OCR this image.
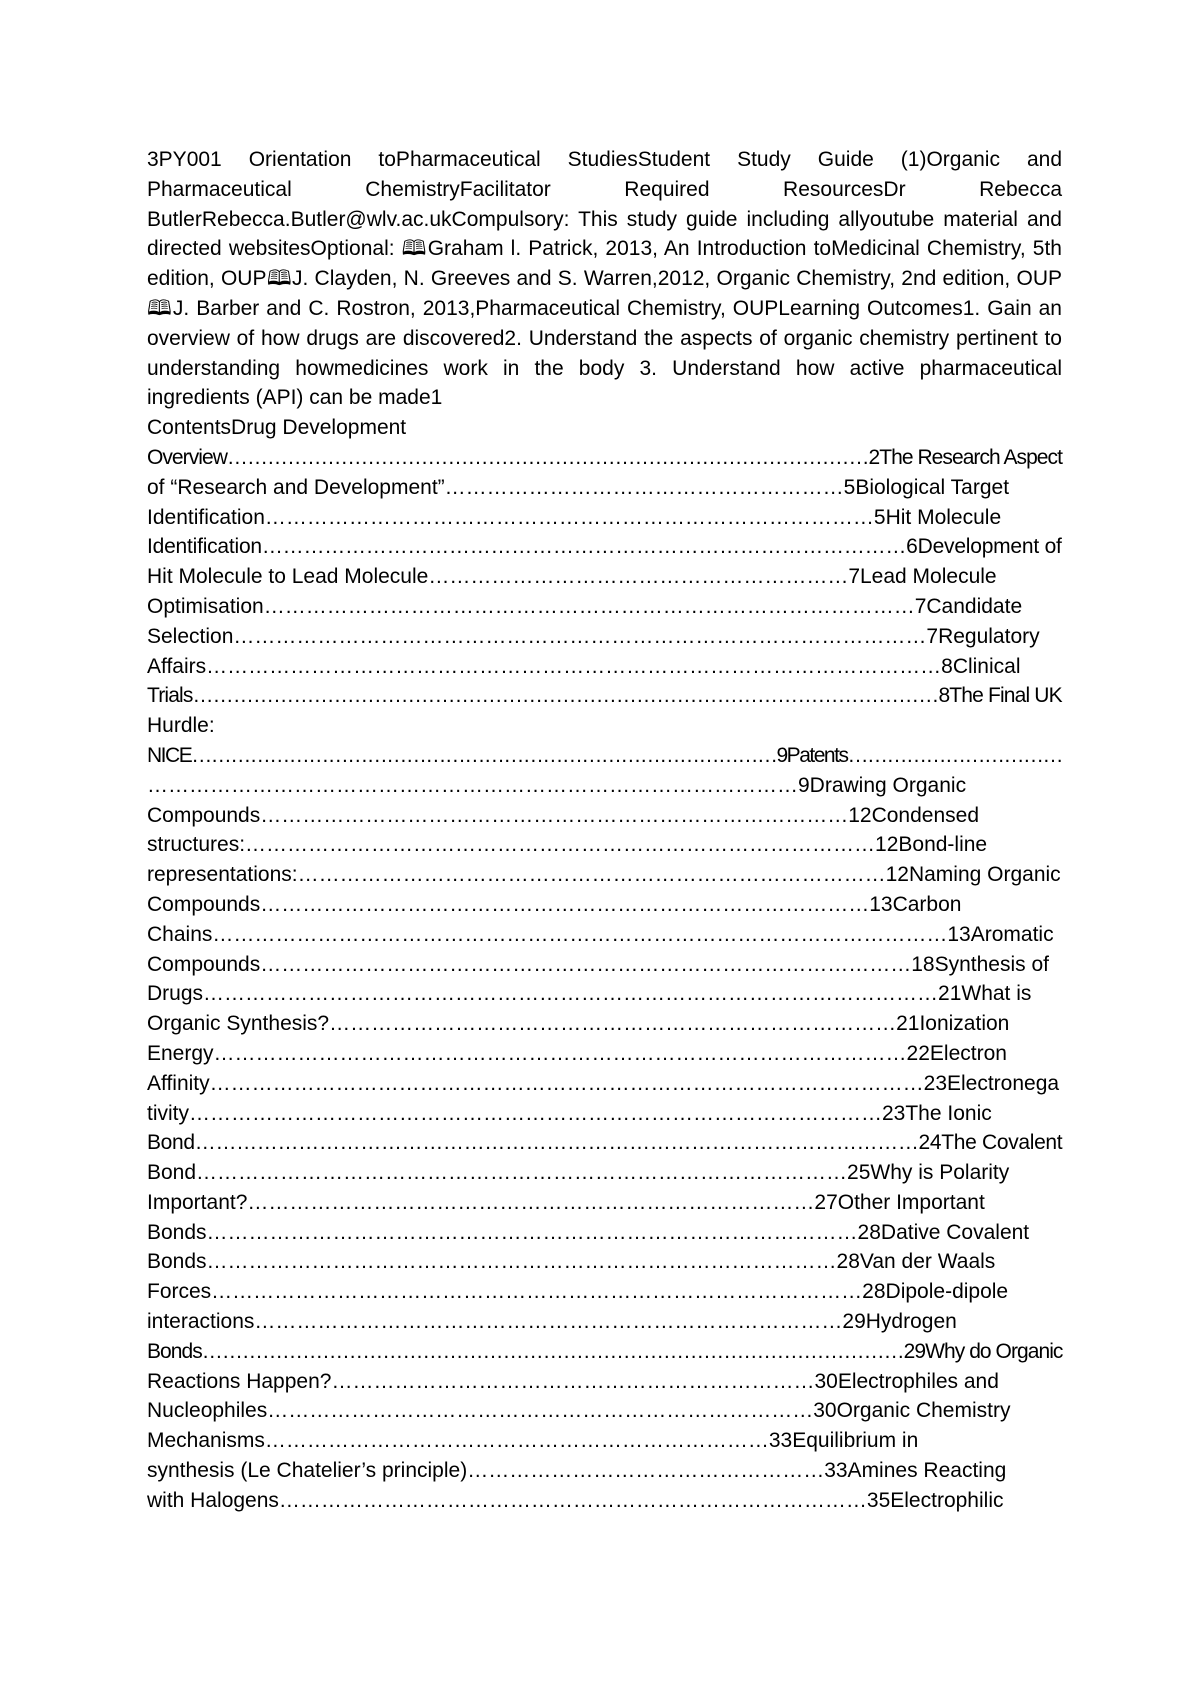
3PY001 Orientation toPharmaceutical StudiesStudent Study Guide (1)Organic and Pharmaceutical ChemistryFacilitator Required ResourcesDr Rebecca ButlerRebecca.Butler@wlv.ac.ukCompulsory: This study guide including allyoutube material and directed websitesOptional: 🕮Graham l. Patrick, 2013, An Introduction toMedicinal Chemistry, 5th edition, OUP🕮J. Clayden, N. Greeves and S. Warren,2012, Organic Chemistry, 2nd edition, OUP🕮J. Barber and C. Rostron, 2013,Pharmaceutical Chemistry, OUPLearning Outcomes1. Gain an overview of how drugs are discovered2. Understand the aspects of organic chemistry pertinent to understanding howmedicines work in the body 3. Understand how active pharmaceutical ingredients (API) can be made1

ContentsDrug Development

Overview……………………………………………………………………………………2The Research Aspect

of “Research and Development”…………………………………………………5Biological Target

Identification……………………………………………………………………………5Hit Molecule

Identification…………………………………………………………………………………6Development of

Hit Molecule to Lead Molecule……………………………………………………7Lead Molecule

Optimisation…………………………………………………………………………………7Candidate

Selection………………………………………………………………………………………7Regulatory

Affairs……………………………………………………………………………………………8Clinical

Trials…………………………………………………………………………………………………8The Final UK

Hurdle:

NICE………………………………………………………………………………9Patents……………………………

…………………………………………………………………………………9Drawing Organic

Compounds…………………………………………………………………………12Condensed

structures:………………………………………………………………………………12Bond-line

representations:…………………………………………………………………………12Naming Organic

Compounds……………………………………………………………………………13Carbon

Chains……………………………………………………………………………………………13Aromatic

Compounds…………………………………………………………………………………18Synthesis of

Drugs……………………………………………………………………………………………21What is

Organic Synthesis?………………………………………………………………………21Ionization

Energy………………………………………………………………………………………22Electron

Affinity…………………………………………………………………………………………23Electronega

tivity………………………………………………………………………………………23The Ionic

Bond……………………………………………………………………………………………24The Covalent

Bond…………………………………………………………………………………25Why is Polarity

Important?………………………………………………………………………27Other Important

Bonds…………………………………………………………………………………28Dative Covalent

Bonds………………………………………………………………………………28Van der Waals

Forces…………………………………………………………………………………28Dipole-dipole

interactions…………………………………………………………………………29Hydrogen

Bonds……………………………………………………………………………………………29Why do Organic

Reactions Happen?……………………………………………………………30Electrophiles and

Nucleophiles……………………………………………………………………30Organic Chemistry

Mechanisms………………………………………………………………33Equilibrium in

synthesis (Le Chatelier’s principle)……………………………………………33Amines Reacting

with Halogens…………………………………………………………………………35Electrophilic
